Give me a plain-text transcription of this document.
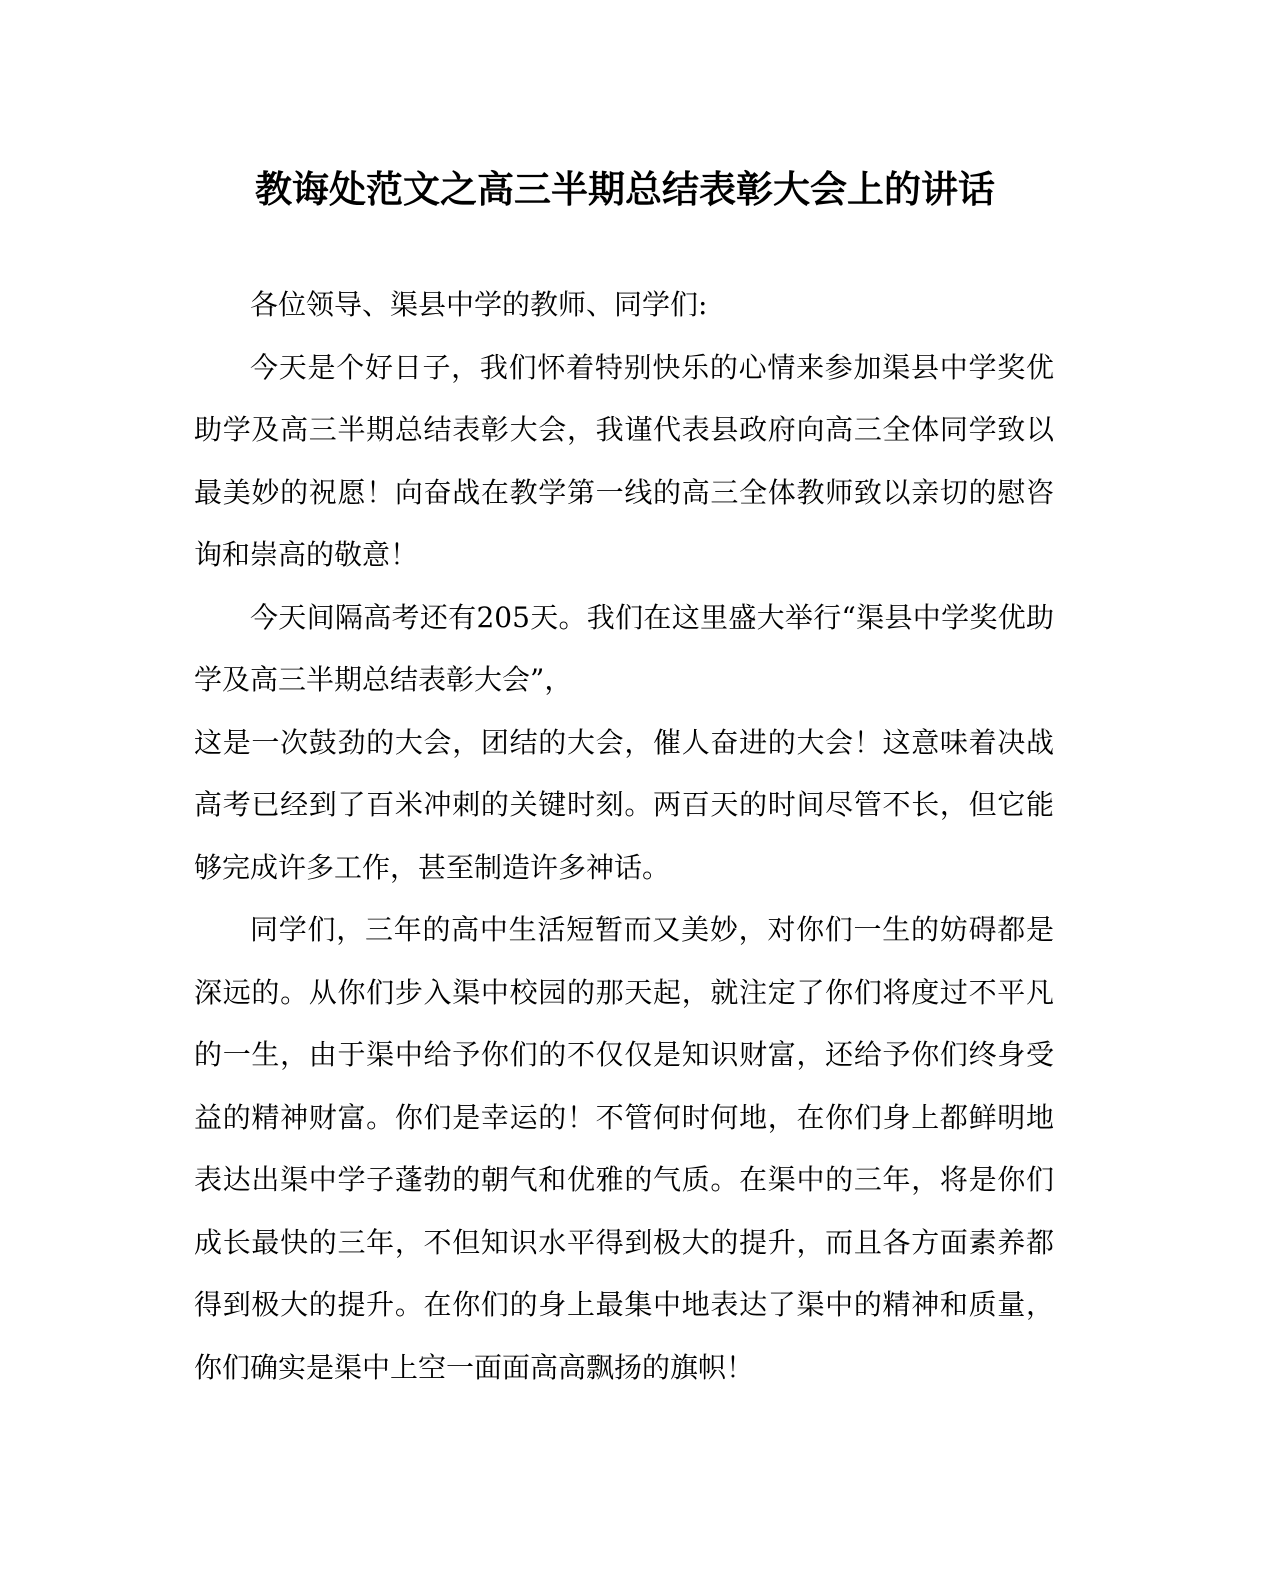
教诲处范文之高三半期总结表彰大会上的讲话

各位领导、渠县中学的教师、同学们:

今天是个好日子，我们怀着特别快乐的心情来参加渠县中学奖优助学及高三半期总结表彰大会，我谨代表县政府向高三全体同学致以最美妙的祝愿！向奋战在教学第一线的高三全体教师致以亲切的慰咨询和崇高的敬意！

今天间隔高考还有205天。我们在这里盛大举行“渠县中学奖优助学及高三半期总结表彰大会”，

这是一次鼓劲的大会，团结的大会，催人奋进的大会！这意味着决战高考已经到了百米冲刺的关键时刻。两百天的时间尽管不长，但它能够完成许多工作，甚至制造许多神话。

同学们，三年的高中生活短暂而又美妙，对你们一生的妨碍都是深远的。从你们步入渠中校园的那天起，就注定了你们将度过不平凡的一生，由于渠中给予你们的不仅仅是知识财富，还给予你们终身受益的精神财富。你们是幸运的！不管何时何地，在你们身上都鲜明地表达出渠中学子蓬勃的朝气和优雅的气质。在渠中的三年，将是你们成长最快的三年，不但知识水平得到极大的提升，而且各方面素养都得到极大的提升。在你们的身上最集中地表达了渠中的精神和质量，你们确实是渠中上空一面面高高飘扬的旗帜！
